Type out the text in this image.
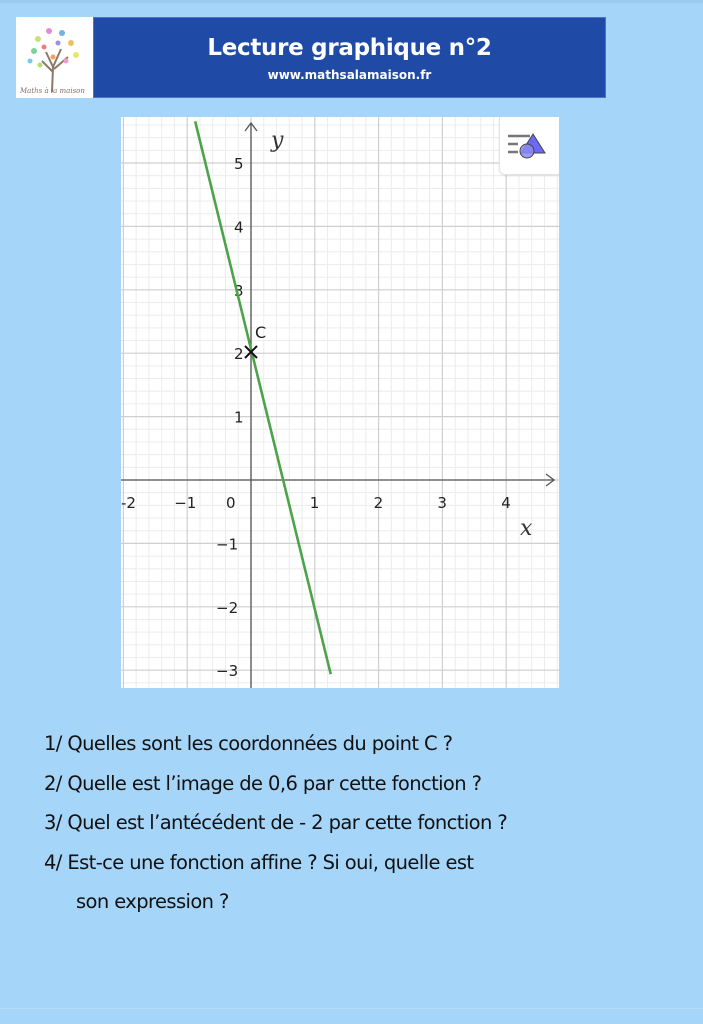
Maths à la maison
Lecture graphique n°2
www.mathsalamaison.fr
-2	−1 0	1	2	3	4
−3
−2
−1
1
2
3
4
5
y
x
C
1/ Quelles sont les coordonnées du point C ?
2/ Quelle est l’image de 0,6 par cette fonction ?
3/ Quel est l’antécédent de - 2 par cette fonction ?
4/ Est-ce une fonction affine ? Si oui, quelle est
son expression ?
